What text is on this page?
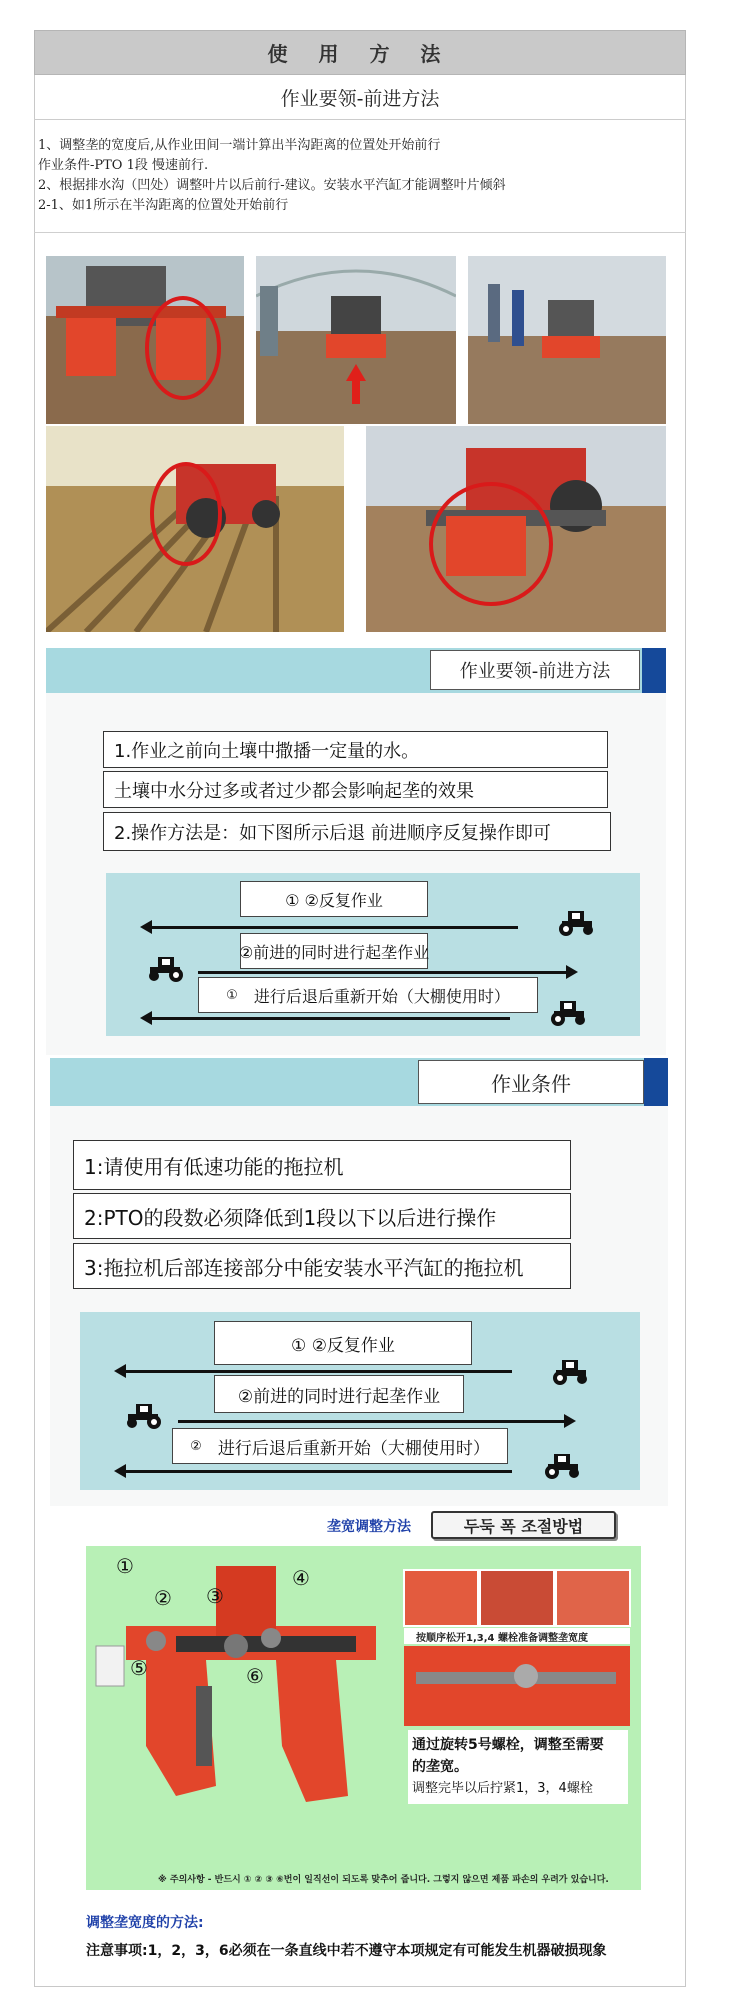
使 用 方 法
作业要领-前进方法

1、调整垄的宽度后,从作业田间一端计算出半沟距离的位置处开始前行

作业条件-PTO 1段 慢速前行.

2、根据排水沟（凹处）调整叶片以后前行-建议。安装水平汽缸才能调整叶片倾斜

2-1、如1所示在半沟距离的位置处开始前行

作业要领-前进方法
1.作业之前向土壤中撒播一定量的水。
土壤中水分过多或者过少都会影响起垄的效果
2.操作方法是：如下图所示后退 前进顺序反复操作即可
① ②反复作业
②前进的同时进行起垄作业
① 进行后退后重新开始（大棚使用时）
作业条件
1:请使用有低速功能的拖拉机
2:PTO的段数必须降低到1段以下以后进行操作
3:拖拉机后部连接部分中能安装水平汽缸的拖拉机
① ②反复作业
②前进的同时进行起垄作业
② 进行后退后重新开始（大棚使用时）
垄宽调整方法	두둑 폭 조절방법
①
② ③
④
⑤	⑥
按顺序松开1,3,4 螺栓准备调整垄宽度

通过旋转5号螺栓，调整至需要

的垄宽。

调整完毕以后拧紧1，3，4螺栓

※ 주의사항 - 반드시 ① ② ③ ⑥번이 일직선이 되도록 맞추어 줍니다. 그렇지 않으면 제품 파손의 우려가 있습니다.
调整垄宽度的方法:
注意事项:1，2，3，6必须在一条直线中若不遵守本项规定有可能发生机器破损现象
